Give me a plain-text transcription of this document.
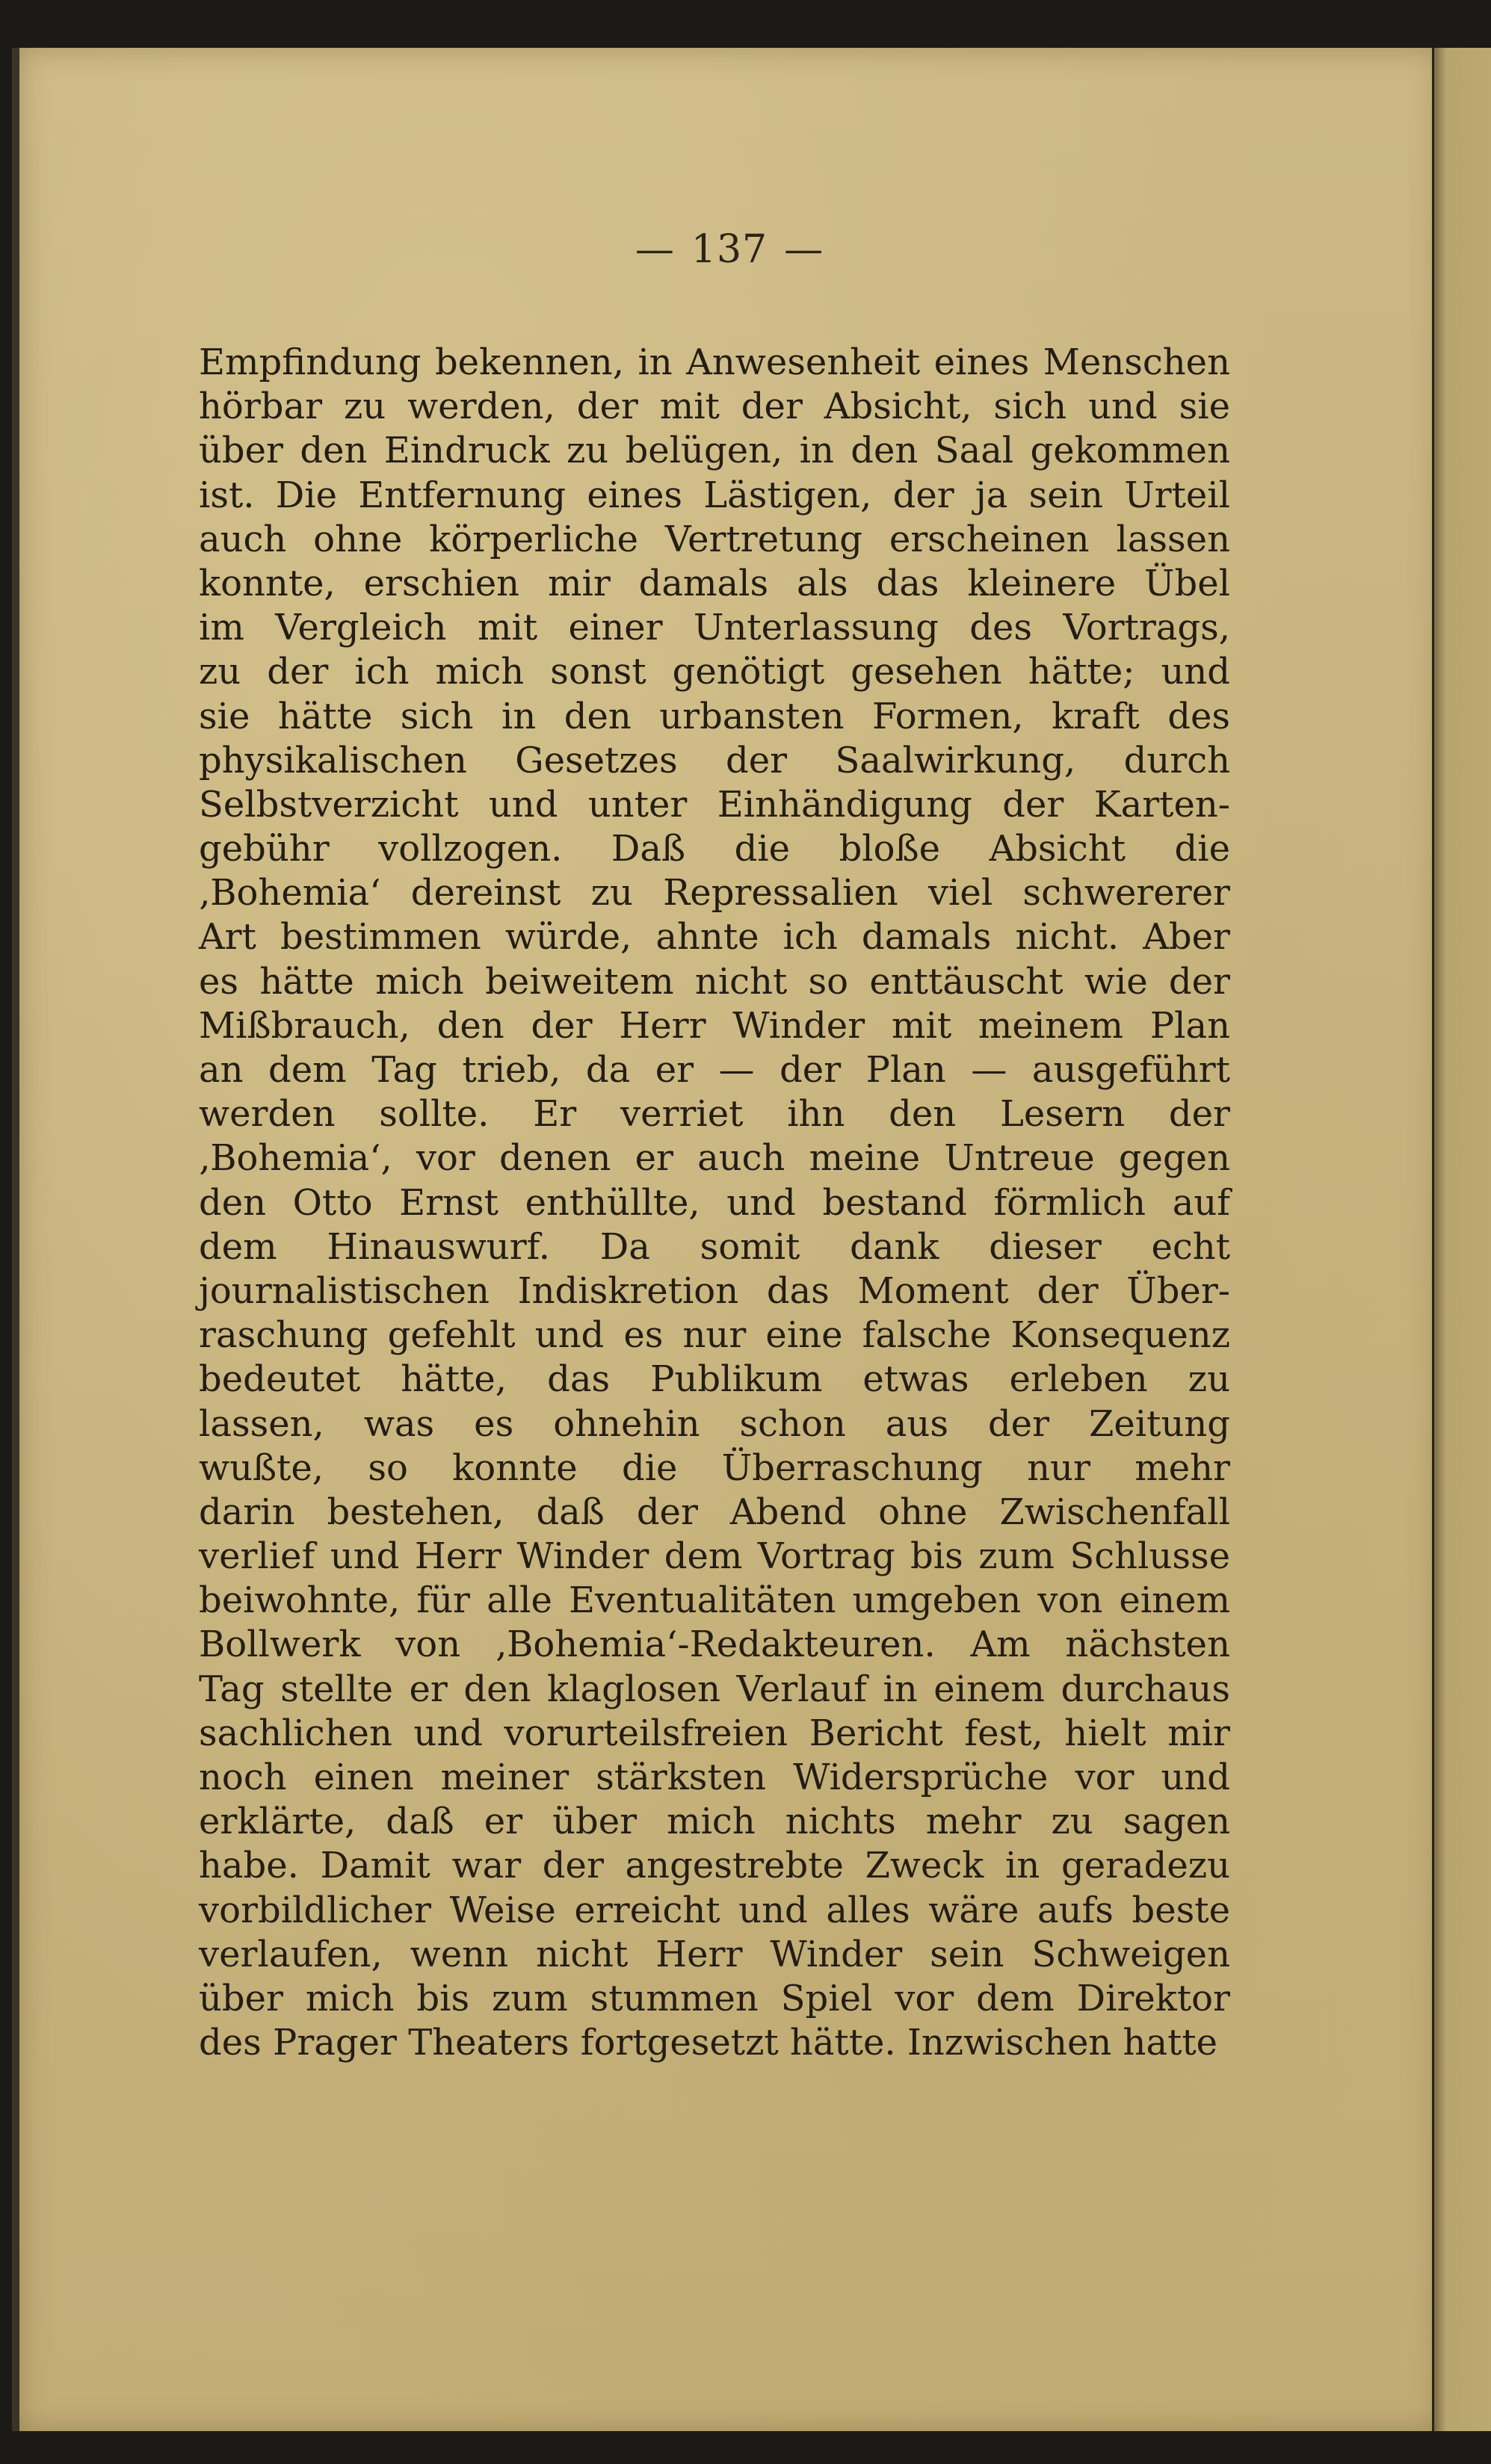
— 137 —
Empfindung bekennen, in Anwesenheit eines Menschen
hörbar zu werden, der mit der Absicht, sich und sie
über den Eindruck zu belügen, in den Saal gekommen
ist. Die Entfernung eines Lästigen, der ja sein Urteil
auch ohne körperliche Vertretung erscheinen lassen
konnte, erschien mir damals als das kleinere Übel
im Vergleich mit einer Unterlassung des Vortrags,
zu der ich mich sonst genötigt gesehen hätte; und
sie hätte sich in den urbansten Formen, kraft des
physikalischen Gesetzes der Saalwirkung, durch
Selbstverzicht und unter Einhändigung der Karten-
gebühr vollzogen. Daß die bloße Absicht die
‚Bohemia‘ dereinst zu Repressalien viel schwererer
Art bestimmen würde, ahnte ich damals nicht. Aber
es hätte mich beiweitem nicht so enttäuscht wie der
Mißbrauch, den der Herr Winder mit meinem Plan
an dem Tag trieb, da er — der Plan — ausgeführt
werden sollte. Er verriet ihn den Lesern der
‚Bohemia‘, vor denen er auch meine Untreue gegen
den Otto Ernst enthüllte, und bestand förmlich auf
dem Hinauswurf. Da somit dank dieser echt
journalistischen Indiskretion das Moment der Über-
raschung gefehlt und es nur eine falsche Konsequenz
bedeutet hätte, das Publikum etwas erleben zu
lassen, was es ohnehin schon aus der Zeitung
wußte, so konnte die Überraschung nur mehr
darin bestehen, daß der Abend ohne Zwischenfall
verlief und Herr Winder dem Vortrag bis zum Schlusse
beiwohnte, für alle Eventualitäten umgeben von einem
Bollwerk von ‚Bohemia‘-Redakteuren. Am nächsten
Tag stellte er den klaglosen Verlauf in einem durchaus
sachlichen und vorurteilsfreien Bericht fest, hielt mir
noch einen meiner stärksten Widersprüche vor und
erklärte, daß er über mich nichts mehr zu sagen
habe. Damit war der angestrebte Zweck in geradezu
vorbildlicher Weise erreicht und alles wäre aufs beste
verlaufen, wenn nicht Herr Winder sein Schweigen
über mich bis zum stummen Spiel vor dem Direktor
des Prager Theaters fortgesetzt hätte. Inzwischen hatte
